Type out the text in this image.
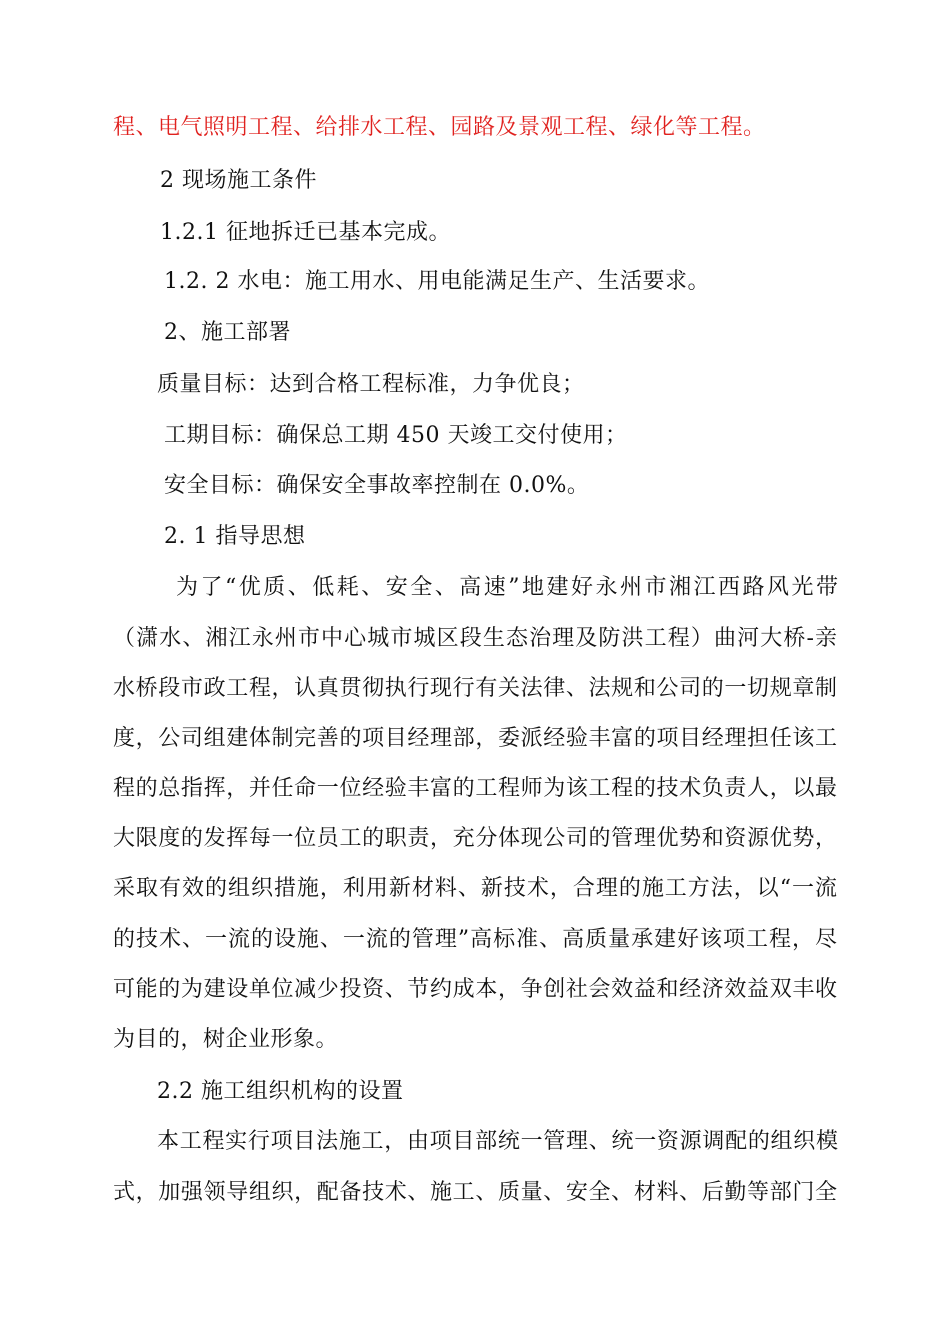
程、电气照明工程、给排水工程、园路及景观工程、绿化等工程。
2 现场施工条件
1.2.1 征地拆迁已基本完成。
1.2. 2 水电：施工用水、用电能满足生产、生活要求。
2、施工部署
质量目标：达到合格工程标准，力争优良；
工期目标：确保总工期 450 天竣工交付使用；
安全目标：确保安全事故率控制在 0.0%。
2. 1 指导思想
为了“优质、低耗、安全、高速”地建好永州市湘江西路风光带
（潇水、湘江永州市中心城市城区段生态治理及防洪工程）曲河大桥-亲
水桥段市政工程，认真贯彻执行现行有关法律、法规和公司的一切规章制
度，公司组建体制完善的项目经理部，委派经验丰富的项目经理担任该工
程的总指挥，并任命一位经验丰富的工程师为该工程的技术负责人，以最
大限度的发挥每一位员工的职责，充分体现公司的管理优势和资源优势，
采取有效的组织措施，利用新材料、新技术，合理的施工方法，以“一流
的技术、一流的设施、一流的管理”高标准、高质量承建好该项工程，尽
可能的为建设单位减少投资、节约成本，争创社会效益和经济效益双丰收
为目的，树企业形象。
2.2 施工组织机构的设置
本工程实行项目法施工，由项目部统一管理、统一资源调配的组织模
式，加强领导组织，配备技术、施工、质量、安全、材料、后勤等部门全
